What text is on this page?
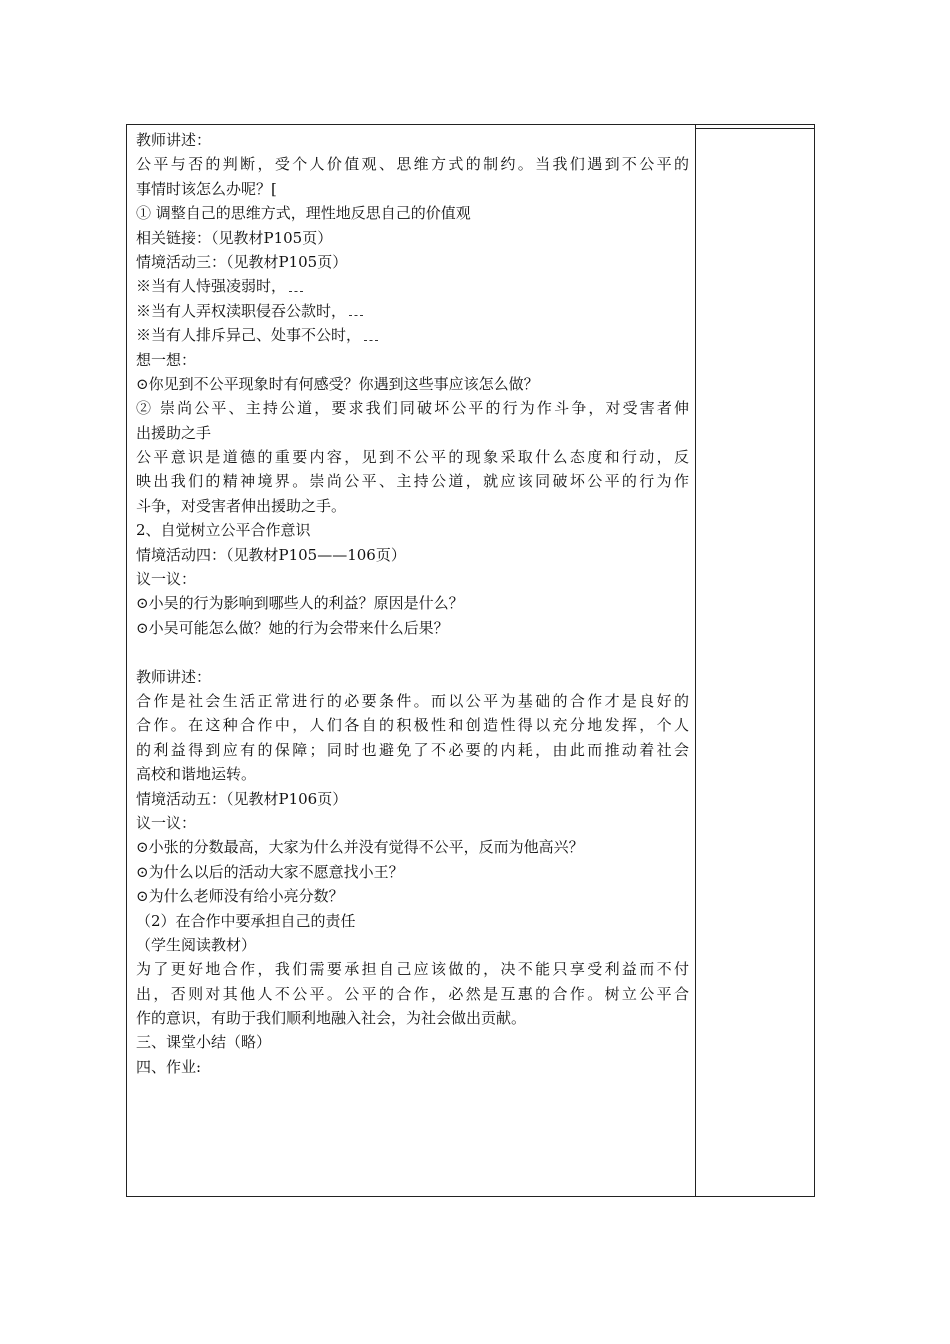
教师讲述：
公平与否的判断，受个人价值观、思维方式的制约。当我们遇到不公平的
事情时该怎么办呢？[
① 调整自己的思维方式，理性地反思自己的价值观
相关链接：（见教材P105页）
情境活动三：（见教材P105页）
※当有人恃强凌弱时，
※当有人弄权渎职侵吞公款时，
※当有人排斥异己、处事不公时，
想一想：
⊙你见到不公平现象时有何感受？你遇到这些事应该怎么做？
② 崇尚公平、主持公道，要求我们同破坏公平的行为作斗争，对受害者伸
出援助之手
公平意识是道德的重要内容，见到不公平的现象采取什么态度和行动，反
映出我们的精神境界。崇尚公平、主持公道，就应该同破坏公平的行为作
斗争，对受害者伸出援助之手。
2、自觉树立公平合作意识
情境活动四：（见教材P105——106页）
议一议：
⊙小吴的行为影响到哪些人的利益？原因是什么？
⊙小吴可能怎么做？她的行为会带来什么后果？
教师讲述：
合作是社会生活正常进行的必要条件。而以公平为基础的合作才是良好的
合作。在这种合作中，人们各自的积极性和创造性得以充分地发挥，个人
的利益得到应有的保障；同时也避免了不必要的内耗，由此而推动着社会
高校和谐地运转。
情境活动五：（见教材P106页）
议一议：
⊙小张的分数最高，大家为什么并没有觉得不公平，反而为他高兴？
⊙为什么以后的活动大家不愿意找小王？
⊙为什么老师没有给小亮分数？
（2）在合作中要承担自己的责任
（学生阅读教材）
为了更好地合作，我们需要承担自己应该做的，决不能只享受利益而不付
出，否则对其他人不公平。公平的合作，必然是互惠的合作。树立公平合
作的意识，有助于我们顺利地融入社会，为社会做出贡献。
三、课堂小结（略）
四、作业:
